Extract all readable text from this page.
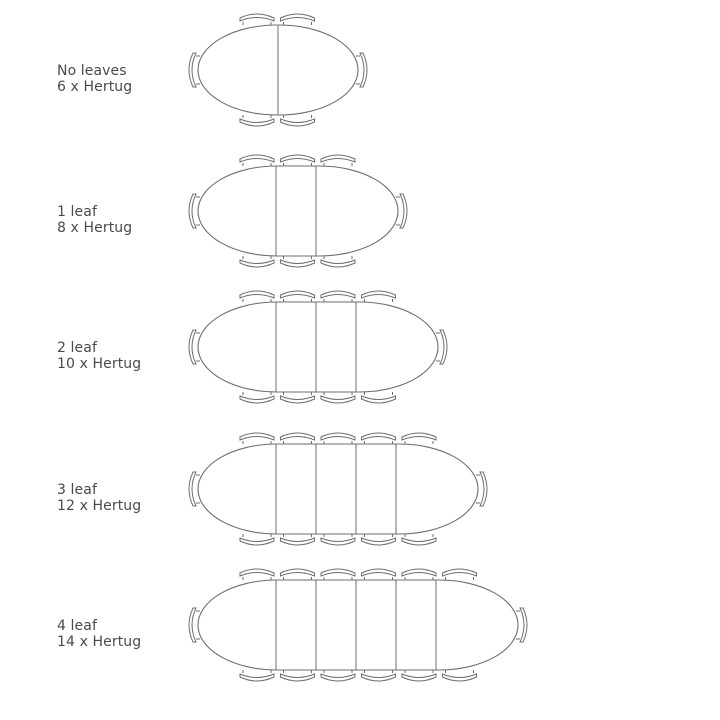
No leaves
6 x Hertug
1 leaf
8 x Hertug
2 leaf
10 x Hertug
3 leaf
12 x Hertug
4 leaf
14 x Hertug
